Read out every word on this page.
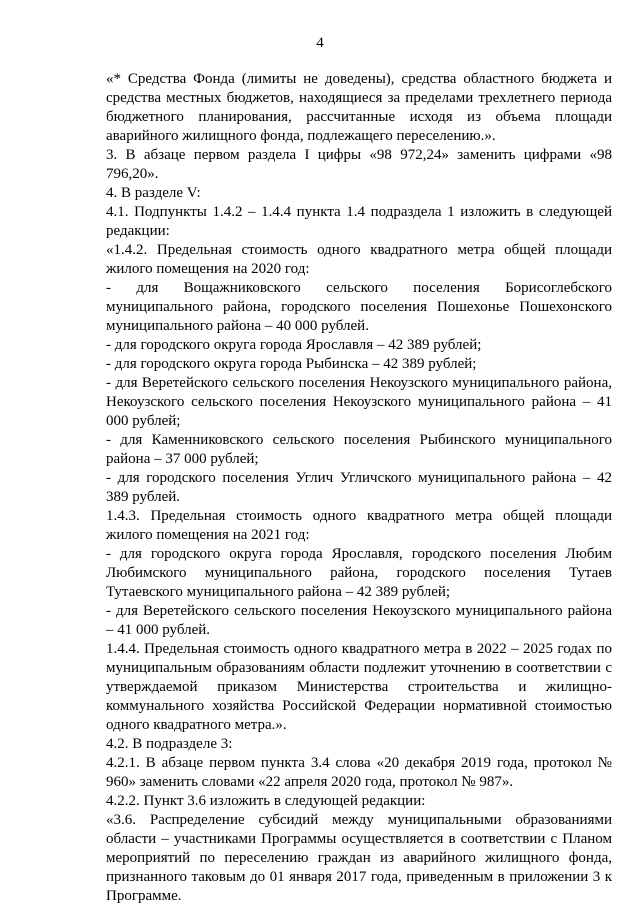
4

«* Средства Фонда (лимиты не доведены), средства областного бюджета и средства местных бюджетов, находящиеся за пределами трехлетнего периода бюджетного планирования, рассчитанные исходя из объема площади аварийного жилищного фонда, подлежащего переселению.».

3. В абзаце первом раздела I цифры «98 972,24» заменить цифрами «98 796,20».

4. В разделе V:

4.1. Подпункты 1.4.2 – 1.4.4 пункта 1.4 подраздела 1 изложить в следующей редакции:

«1.4.2. Предельная стоимость одного квадратного метра общей площади жилого помещения на 2020 год:

- для Вощажниковского сельского поселения Борисоглебского муниципального района, городского поселения Пошехонье Пошехонского муниципального района – 40 000 рублей.

- для городского округа города Ярославля – 42 389 рублей;

- для городского округа города Рыбинска – 42 389 рублей;

- для Веретейского сельского поселения Некоузского муниципального района, Некоузского сельского поселения Некоузского муниципального района – 41 000 рублей;

- для Каменниковского сельского поселения Рыбинского муниципального района – 37 000 рублей;

- для городского поселения Углич Угличского муниципального района – 42 389 рублей.

1.4.3. Предельная стоимость одного квадратного метра общей площади жилого помещения на 2021 год:

- для городского округа города Ярославля, городского поселения Любим Любимского муниципального района, городского поселения Тутаев Тутаевского муниципального района – 42 389 рублей;

- для Веретейского сельского поселения Некоузского муниципального района – 41 000 рублей.

1.4.4. Предельная стоимость одного квадратного метра в 2022 – 2025 годах по муниципальным образованиям области подлежит уточнению в соответствии с утверждаемой приказом Министерства строительства и жилищно-коммунального хозяйства Российской Федерации нормативной стоимостью одного квадратного метра.».

4.2. В подразделе 3:

4.2.1. В абзаце первом пункта 3.4 слова «20 декабря 2019 года, протокол № 960» заменить словами «22 апреля 2020 года, протокол № 987».

4.2.2. Пункт 3.6 изложить в следующей редакции:

«3.6. Распределение субсидий между муниципальными образованиями области – участниками Программы осуществляется в соответствии с Планом мероприятий по переселению граждан из аварийного жилищного фонда, признанного таковым до 01 января 2017 года, приведенным в приложении 3 к Программе.
